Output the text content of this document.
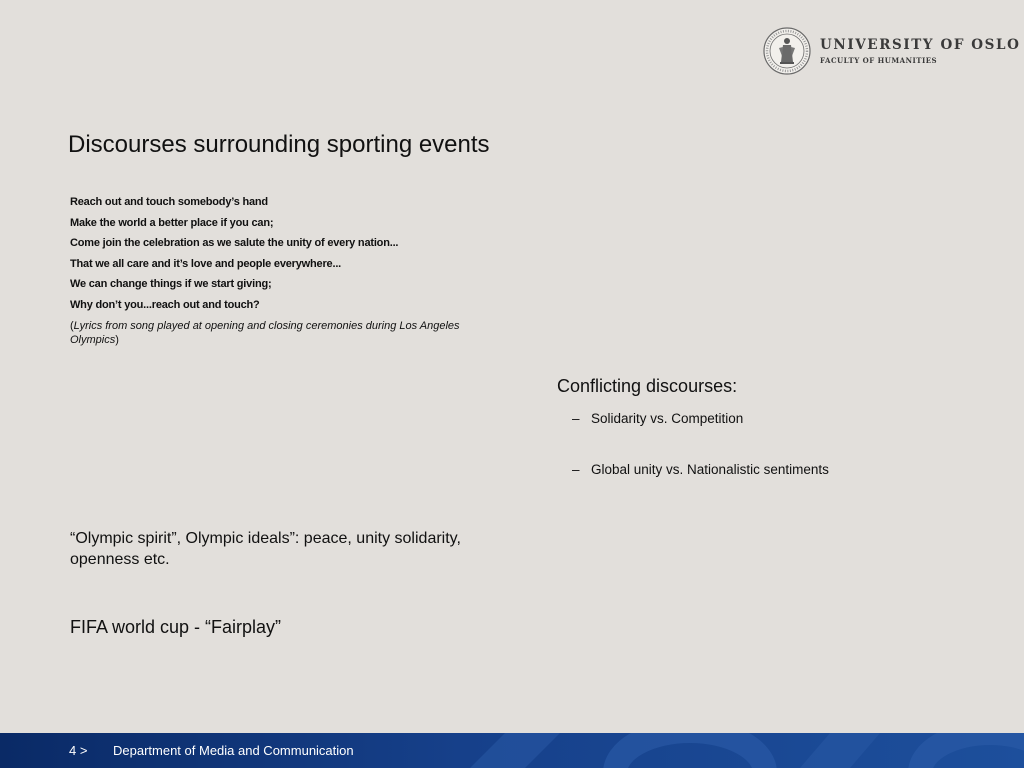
UNIVERSITY OF OSLO
FACULTY OF HUMANITIES
Discourses surrounding sporting events
Reach out and touch somebody’s hand
Make the world a better place if you can;
Come join the celebration as we salute the unity of every nation...
That we all care and it’s love and people everywhere...
We can change things if we start giving;
Why don’t you...reach out and touch?
(Lyrics from song played at opening and closing ceremonies during Los Angeles Olympics)
Conflicting discourses:
– Solidarity vs. Competition
– Global unity vs. Nationalistic sentiments
“Olympic spirit”, Olympic ideals”: peace, unity solidarity, openness etc.
FIFA world cup - “Fairplay”
4 > Department of Media and Communication
